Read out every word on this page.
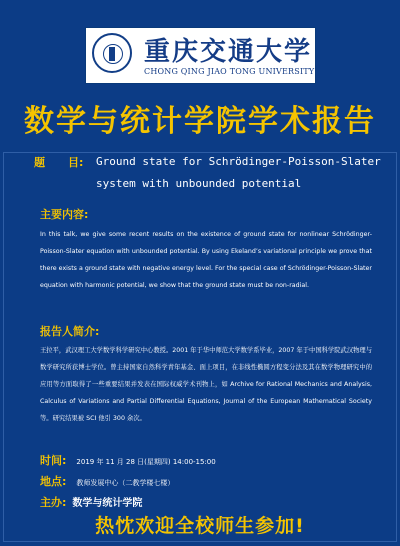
重庆交通大学
CHONG QING JIAO TONG UNIVERSITY
数学与统计学院学术报告
题      目: Ground state for Schrödinger-Poisson-Slater
system with unbounded potential
主要内容:
In this talk, we give some recent results on the existence of ground state for nonlinear Schrödinger-Poisson-Slater equation with unbounded potential. By using Ekeland’s variational principle we prove that there exists a ground state with negative energy level. For the special case of Schrödinger-Poisson-Slater equation with harmonic potential, we show that the ground state must be non-radial.
报告人简介:
王拉平，武汉理工大学数学科学研究中心教授。2001 年于华中师范大学数学系毕业，2007 年于中国科学院武汉物理与数学研究所获博士学位。曾主持国家自然科学青年基金、面上项目，在非线性椭圆方程变分法及其在数学物理研究中的应用等方面取得了一些重要结果并发表在国际权威学术刊物上，如 Archive for Rational Mechanics and Analysis, Calculus of Variations and Partial Differential Equations, Journal of the European Mathematical Society 等。研究结果被 SCI 他引 300 余次。
时间: 2019 年 11 月 28 日(星期四) 14:00-15:00
地点: 教师发展中心（二教学楼七楼）
主办: 数学与统计学院
热忱欢迎全校师生参加!
